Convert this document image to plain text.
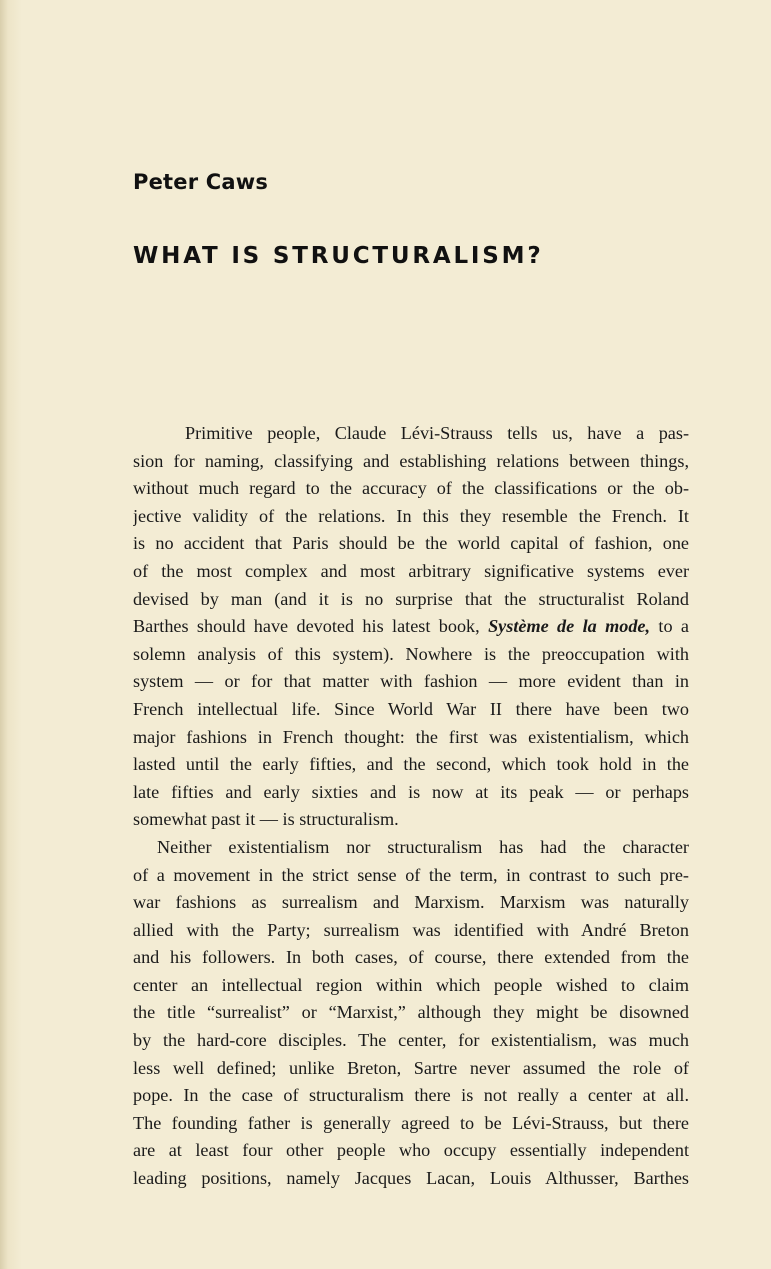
Peter Caws
WHAT IS STRUCTURALISM?
Primitive people, Claude Lévi-Strauss tells us, have a pas-
sion for naming, classifying and establishing relations between things,
without much regard to the accuracy of the classifications or the ob-
jective validity of the relations. In this they resemble the French. It
is no accident that Paris should be the world capital of fashion, one
of the most complex and most arbitrary significative systems ever
devised by man (and it is no surprise that the structuralist Roland
Barthes should have devoted his latest book, Système de la mode, to a
solemn analysis of this system). Nowhere is the preoccupation with
system — or for that matter with fashion — more evident than in
French intellectual life. Since World War II there have been two
major fashions in French thought: the first was existentialism, which
lasted until the early fifties, and the second, which took hold in the
late fifties and early sixties and is now at its peak — or perhaps
somewhat past it — is structuralism.
Neither existentialism nor structuralism has had the character
of a movement in the strict sense of the term, in contrast to such pre-
war fashions as surrealism and Marxism. Marxism was naturally
allied with the Party; surrealism was identified with André Breton
and his followers. In both cases, of course, there extended from the
center an intellectual region within which people wished to claim
the title “surrealist” or “Marxist,” although they might be disowned
by the hard-core disciples. The center, for existentialism, was much
less well defined; unlike Breton, Sartre never assumed the role of
pope. In the case of structuralism there is not really a center at all.
The founding father is generally agreed to be Lévi-Strauss, but there
are at least four other people who occupy essentially independent
leading positions, namely Jacques Lacan, Louis Althusser, Barthes
